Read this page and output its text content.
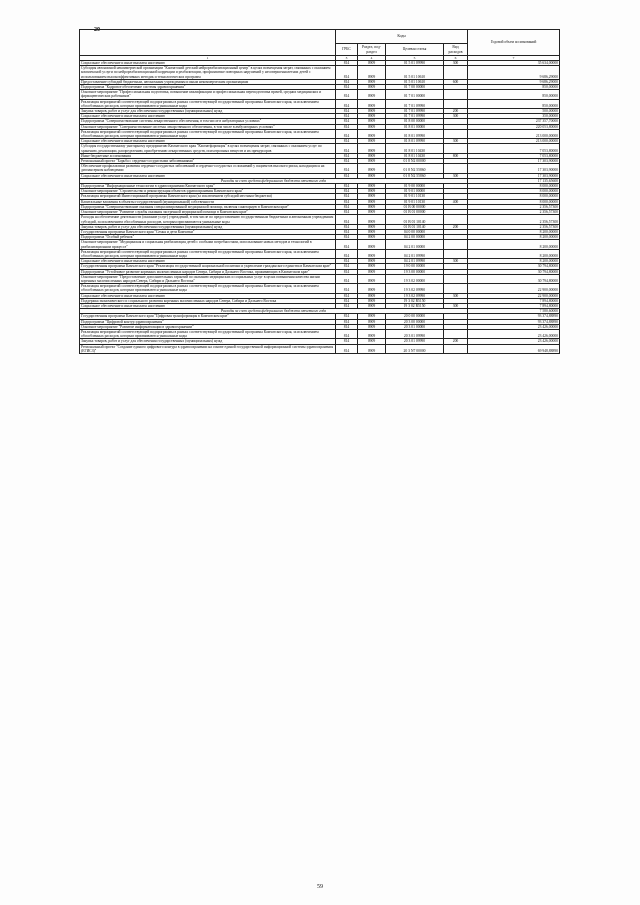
20
	Коды				Годовой объем ассигнований
	ГРБС	Раздел, под-раздел	Целевая статья	Вид расходов	
1	3	4	5	6	7
Социальное обеспечение и иные выплаты населению	814	0909	01 5 01 09990	300	35 634,00000
Субсидия автономной некоммерческой организации "Камчатский детский нейрореабилитационный центр" в целях возмещения затрат, связанных с оказанием комплексной услуги по нейрореабилитационной коррекции и реабилитации, профилактике повторных нарушений у несовершеннолетних детей с использованием высокоэффективных методик и технологических программ	814	0909	01 5 01 10610		9 686,29000
Предоставление субсидий бюджетным, автономным учреждениям и иным некоммерческим организациям	814	0909	01 5 01 10610	600	9 686,29000
Подпрограмма "Кадровое обеспечение системы здравоохранения"	814	0909	01 7 00 00000		850,00000
Основное мероприятие "Профессиональная подготовка, повышение квалификации и профессиональная переподготовка врачей, средних медицинских и фармацевтических работников"	814	0909	01 7 01 00000		850,00000
Реализация мероприятий соответствующей подпрограммы в рамках соответствующей государственной программы Камчатского края, за исключением обособленных расходов, которым присваиваются уникальные коды	814	0909	01 7 01 09990		850,00000
Закупка товаров, работ и услуг для обеспечения государственных (муниципальных) нужд	814	0909	01 7 01 09990	200	500,00000
Социальное обеспечение и иные выплаты населению	814	0909	01 7 01 09990	300	350,00000
Подпрограмма "Совершенствование системы лекарственного обеспечения, в том числе в амбулаторных условиях"	814	0909	01 8 00 00000		237 357,70000
Основное мероприятие "Совершенствование системы лекарственного обеспечения, в том числе в амбулаторных условиях"	814	0909	01 8 01 00000		220 053,80000
Реализация мероприятий соответствующей подпрограммы в рамках соответствующей государственной программы Камчатского края, за исключением обособленных расходов, которым присваиваются уникальные коды	814	0909	01 8 01 09990		213 000,00000
Социальное обеспечение и иные выплаты населению	814	0909	01 8 01 09990	300	213 000,00000
Субсидия государственному унитарному предприятию Камчатского края "Камчатфармация" в целях возмещения затрат, связанных с оказанием услуг по хранению, реализации, распределению, приобретению лекарственных средств, психотропных веществ и их прекурсоров	814	0909	01 8 01 10430		7 053,80000
Иные бюджетные ассигнования	814	0909	01 8 01 10430	800	7 053,80000
Региональный проект "Борьба с сердечно-сосудистыми заболеваниями"	814	0909	01 8 N2 00000		17 303,90000
Обеспечение профилактики развития сердечно-сосудистых заболеваний и сердечно-сосудистых осложнений у пациентов высокого риска, находящихся на диспансерном наблюдении	814	0909	01 8 N2 55860		17 303,90000
Социальное обеспечение и иные выплаты населению	814	0909	01 8 N2 55860	300	17 303,90000
Расходы за счет средств федерального бюджета отчетного года					17 135,65600
Подпрограмма "Информационные технологии в здравоохранении Камчатского края"	814	0909	01 9 00 00000		8 000,00000
Основное мероприятие "Строительство и реконструкция объектов здравоохранения Камчатского края"	814	0909	01 9 01 00000		8 000,00000
Реализация мероприятий Инвестиционной программы Камчатского края (за исключением субсидий местным бюджетам)	814	0909	01 9 01 10130		8 000,00000
Капитальные вложения в объекты государственной (муниципальной) собственности	814	0909	01 9 01 10130	400	8 000,00000
Подпрограмма "Совершенствование оказания специализированной медицинской помощи, включая санитарную в Камчатском крае"	814	0909	01 В 00 00000		2 356,57300
Основное мероприятие "Развитие службы оказания экстренной медицинской помощи в Камчатском крае"	814	0909	01 В 01 00000		2 356,57300
Расходы на обеспечение деятельности (оказание услуг) учреждений, в том числе по предоставлению государственным бюджетным и автономным учреждениям субсидий, за исключением обособленных расходов, которым присваиваются уникальные коды	814	0909	01 В 01 10140		2 356,57300
Закупка товаров, работ и услуг для обеспечения государственных (муниципальных) нужд	814	0909	01 В 01 10140	200	2 356,57300
Государственная программа Камчатского края "Семья и дети Камчатки"	814	0909	04 0 00 00000		8 200,00000
Подпрограмма "Особый ребенок"	814	0909	04 2 00 00000		8 200,00000
Основное мероприятие "Медицинская и социальная реабилитация детей с особыми потребностями, использование новых методов и технологий в реабилитационном процессе"	814	0909	04 2 01 00000		8 200,00000
Реализация мероприятий соответствующей подпрограммы в рамках соответствующей государственной программы Камчатского края, за исключением обособленных расходов, которым присваиваются уникальные коды	814	0909	04 2 01 09990		8 200,00000
Социальное обеспечение и иные выплаты населению	814	0909	04 2 01 09990	300	8 200,00000
Государственная программа Камчатского края "Реализация государственной национальной политики и укрепление гражданского единства в Камчатском крае"	814	0909	19 0 00 00000		30 794,80000
Подпрограмма "Устойчивое развитие коренных малочисленных народов Севера, Сибири и Дальнего Востока, проживающих в Камчатском крае"	814	0909	19 3 00 00000		30 794,80000
Основное мероприятие "Предоставление дополнительных гарантий по оказанию медицинских и социальных услуг в целях повышения качества жизни коренных малочисленных народов Севера, Сибири и Дальнего Востока"	814	0909	19 3 02 00000		30 794,80000
Реализация мероприятий соответствующей подпрограммы в рамках соответствующей государственной программы Камчатского края, за исключением обособленных расходов, которым присваиваются уникальные коды	814	0909	19 3 02 09990		22 900,00000
Социальное обеспечение и иные выплаты населению	814	0909	19 3 02 09990	300	22 900,00000
Поддержка экономического и социального развития коренных малочисленных народов Севера, Сибири и Дальнего Востока	814	0909	19 3 02 R5150		7 894,80000
Социальное обеспечение и иные выплаты населению	814	0909	19 3 02 R5150	300	7 894,80000
Расходы за счет средств федерального бюджета отчетного года					7 580,60000
Государственная программа Камчатского края "Цифровая трансформация в Камчатском крае"	814	0909	20 0 00 00000		93 374,88890
Подпрограмма "Цифровой контур здравоохранения"	814	0909	20 3 00 00000		93 374,88890
Основное мероприятие "Развитие информатизации в здравоохранении"	814	0909	20 3 01 00000		23 426,00000
Реализация мероприятий соответствующей подпрограммы в рамках соответствующей государственной программы Камчатского края, за исключением обособленных расходов, которым присваиваются уникальные коды	814	0909	20 3 01 09990		23 426,00000
Закупка товаров, работ и услуг для обеспечения государственных (муниципальных) нужд	814	0909	20 3 01 09990	200	23 426,00000
Региональный проект "Создание единого цифрового контура в здравоохранении на основе единой государственной информационной системы здравоохранения (ЕГИСЗ)"	814	0909	20 3 N7 00000		69 948,88890
59
